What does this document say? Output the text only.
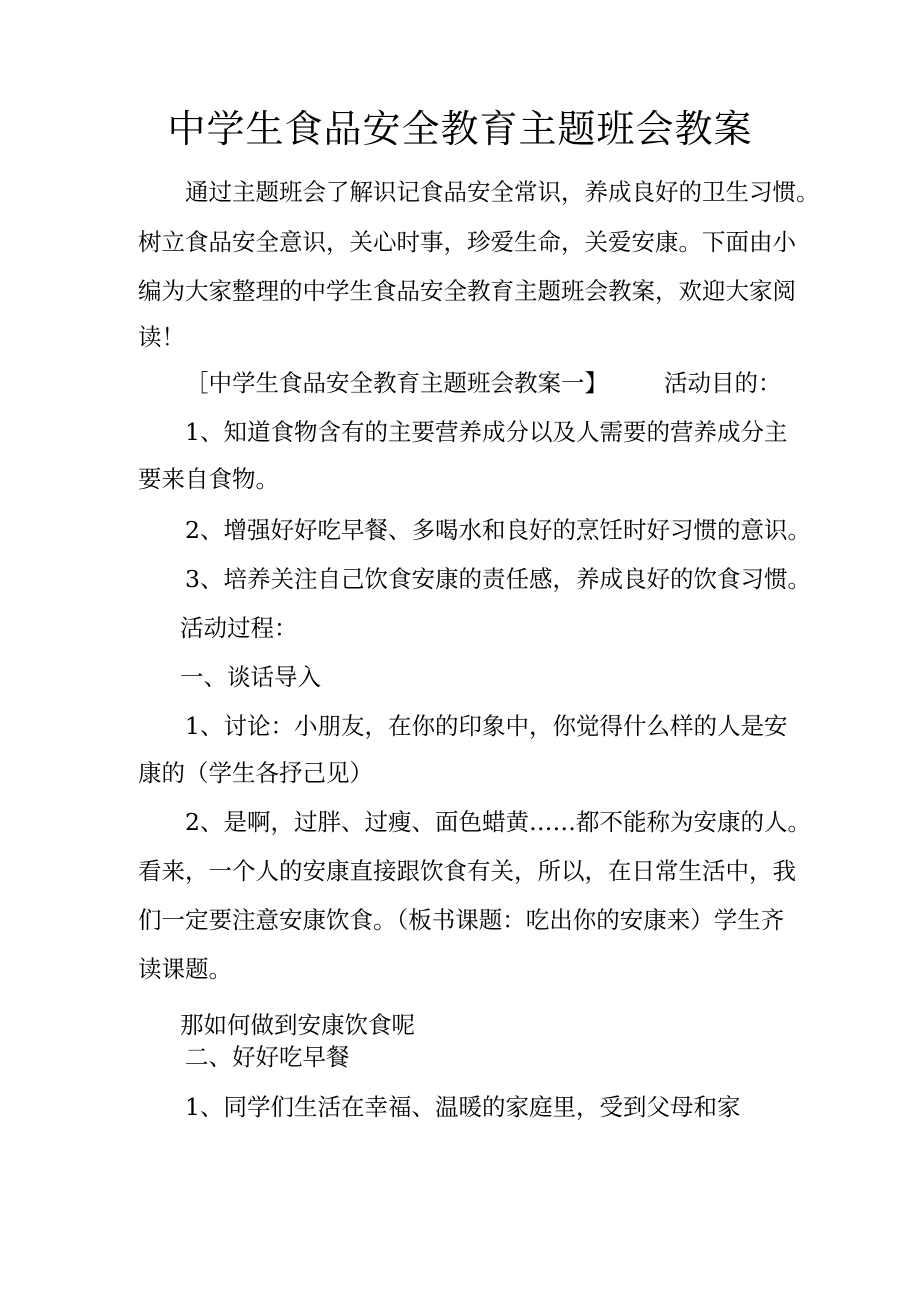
中学生食品安全教育主题班会教案
通过主题班会了解识记食品安全常识，养成良好的卫生习惯。
树立食品安全意识，关心时事，珍爱生命，关爱安康。下面由小
编为大家整理的中学生食品安全教育主题班会教案，欢迎大家阅
读！
［中学生食品安全教育主题班会教案一】 活动目的：
1、知道食物含有的主要营养成分以及人需要的营养成分主
要来自食物。
2、增强好好吃早餐、多喝水和良好的烹饪时好习惯的意识。
3、培养关注自己饮食安康的责任感，养成良好的饮食习惯。
活动过程：
一、谈话导入
1、讨论：小朋友，在你的印象中，你觉得什么样的人是安
康的（学生各抒己见）
2、是啊，过胖、过瘦、面色蜡黄……都不能称为安康的人。
看来，一个人的安康直接跟饮食有关，所以，在日常生活中，我
们一定要注意安康饮食。（板书课题：吃出你的安康来）学生齐
读课题。
那如何做到安康饮食呢
二、好好吃早餐
1、同学们生活在幸福、温暖的家庭里，受到父母和家
